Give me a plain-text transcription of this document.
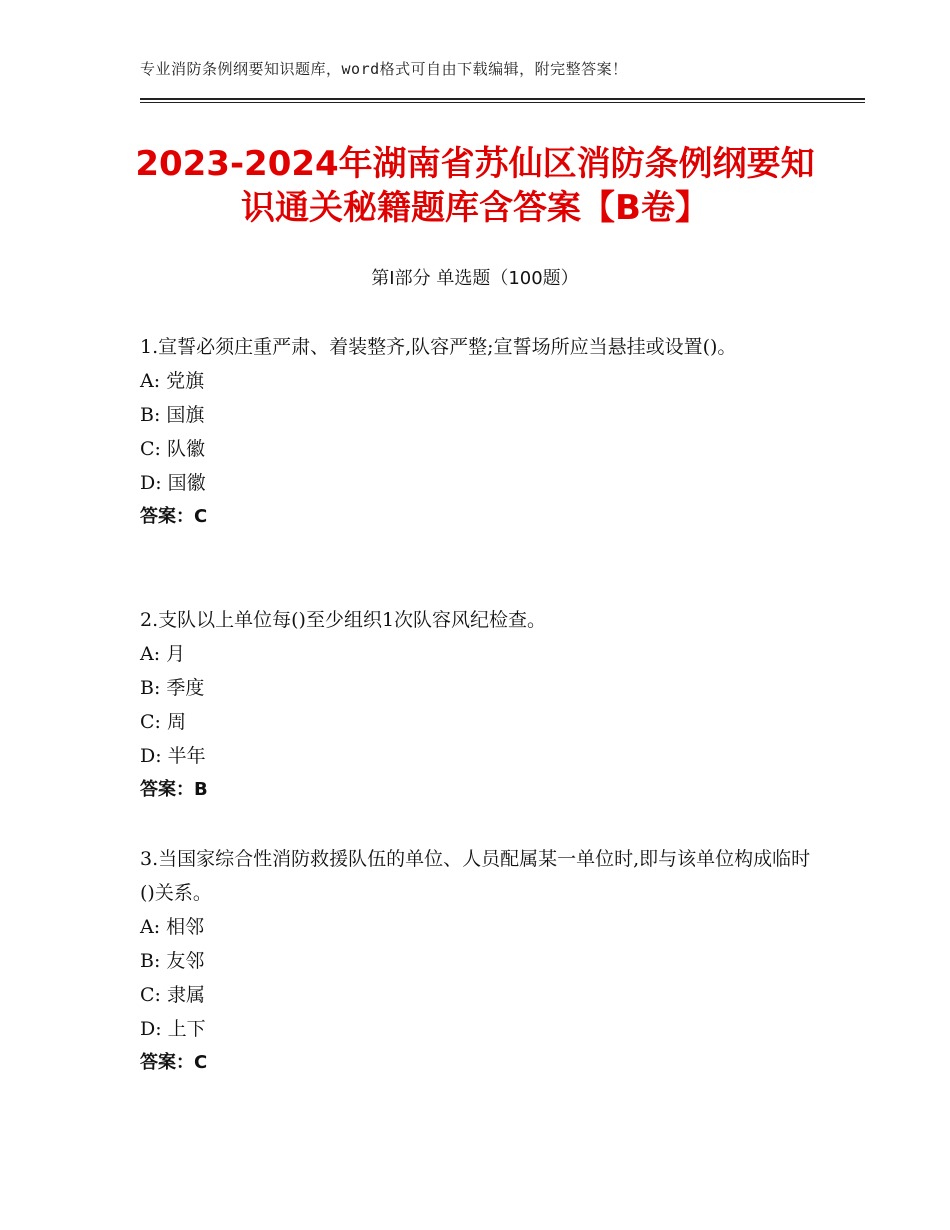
专业消防条例纲要知识题库，word格式可自由下载编辑，附完整答案！
2023-2024年湖南省苏仙区消防条例纲要知识通关秘籍题库含答案【B卷】
第Ⅰ部分 单选题（100题）

1.宣誓必须庄重严肃、着装整齐,队容严整;宣誓场所应当悬挂或设置()。

A: 党旗

B: 国旗

C: 队徽

D: 国徽

答案：C

2.支队以上单位每()至少组织1次队容风纪检查。

A: 月

B: 季度

C: 周

D: 半年

答案：B

3.当国家综合性消防救援队伍的单位、人员配属某一单位时,即与该单位构成临时()关系。

A: 相邻

B: 友邻

C: 隶属

D: 上下

答案：C
